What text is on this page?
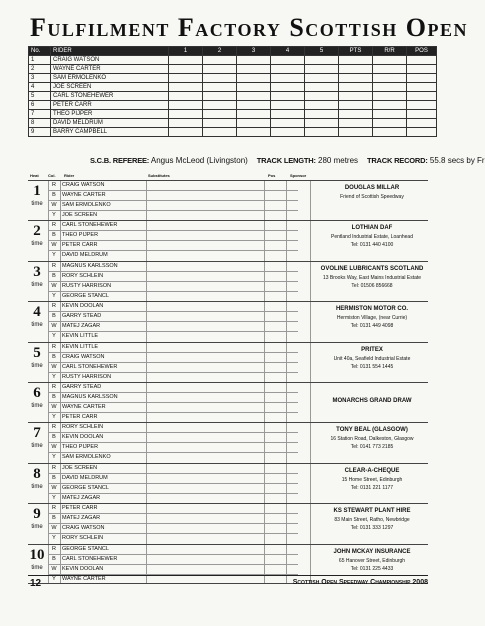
Fulfilment Factory Scottish Open
No.	RIDER	1	2	3	4	5	PTS	R/R	POS
1	CRAIG WATSON								
2	WAYNE CARTER								
3	SAM ERMOLENKO								
4	JOE SCREEN								
5	CARL STONEHEWER								
6	PETER CARR								
7	THEO PIJPER								
8	DAVID MELDRUM								
9	BARRY CAMPBELL								
S.C.B. REFEREE: Angus McLeod (Livingston) TRACK LENGTH: 280 metres TRACK RECORD: 55.8 secs by Fr
Heat Col. Rider	Substitutes	Pos	Sponsor
1
time
R	CRAIG WATSON
B	WAYNE CARTER
W SAM ERMOLENKO
Y	JOE SCREEN
DOUGLAS MILLAR
Friend of Scottish Speedway
2
time
R	CARL STONEHEWER
B	THEO PIJPER
W PETER CARR
Y	DAVID MELDRUM
LOTHIAN DAF
Pentland Industrial Estate, Loanhead
Tel: 0131 440 4100
3
time
R	MAGNUS KARLSSON
B	RORY SCHLEIN
W RUSTY HARRISON
Y	GEORGE STANCL
OVOLINE LUBRICANTS SCOTLAND
13 Brooks Way, East Mains Industrial Estate
Tel: 01506 856668
4
time
R	KEVIN DOOLAN
B	GARRY STEAD
W MATEJ ZAGAR
Y	KEVIN LITTLE
HERMISTON MOTOR CO.
Hermiston Village, (near Currie)
Tel: 0131 449 4098
5
time
R	KEVIN LITTLE
B	CRAIG WATSON
W CARL STONEHEWER
Y	RUSTY HARRISON
PRITEX
Unit 40a, Seafield Industrial Estate
Tel: 0131 554 1445
6
time
R	GARRY STEAD
B	MAGNUS KARLSSON
W WAYNE CARTER
Y	PETER CARR
MONARCHS GRAND DRAW
7
time
R	RORY SCHLEIN
B	KEVIN DOOLAN
W THEO PIJPER
Y	SAM ERMOLENKO
TONY BEAL (GLASGOW)
16 Station Road, Dalkeston, Glasgow
Tel: 0141 773 2185
8
time
R	JOE SCREEN
B	DAVID MELDRUM
W GEORGE STANCL
Y	MATEJ ZAGAR
CLEAR-A-CHEQUE
15 Home Street, Edinburgh
Tel: 0131 221 1177
9
time
R	PETER CARR
B	MATEJ ZAGAR
W CRAIG WATSON
Y	RORY SCHLEIN
KS STEWART PLANT HIRE
83 Main Street, Ratho, Newbridge
Tel: 0131 333 1297
10
time
R	GEORGE STANCL
B	CARL STONEHEWER
W KEVIN DOOLAN
Y	WAYNE CARTER
JOHN MCKAY INSURANCE
65 Hanover Street, Edinburgh
Tel: 0131 225 4433
12	Scottish Open Speedway Championship 2008
